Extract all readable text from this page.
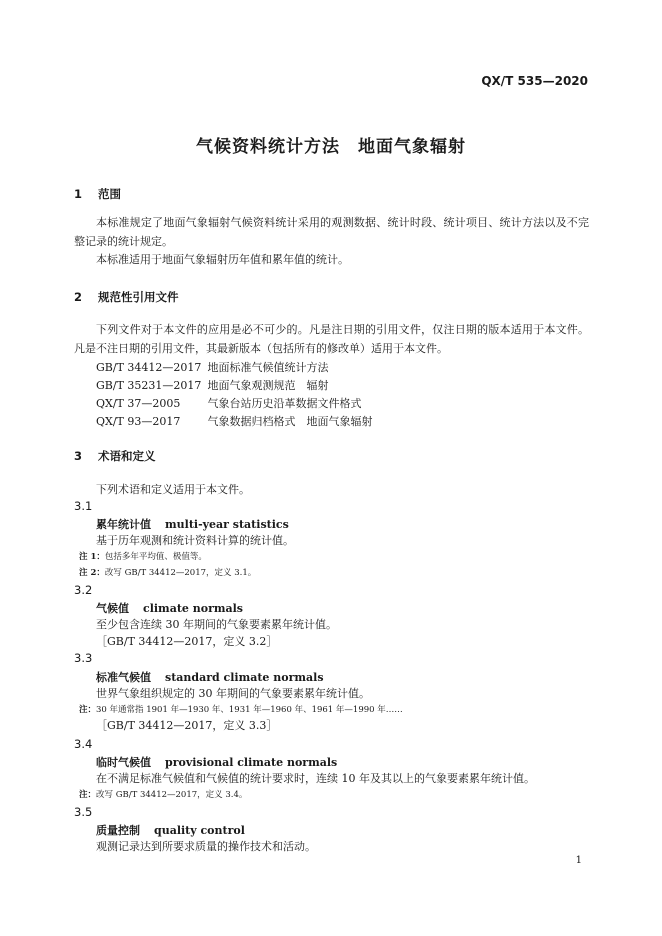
QX/T 535—2020
气候资料统计方法　地面气象辐射
1 范围
本标准规定了地面气象辐射气候资料统计采用的观测数据、统计时段、统计项目、统计方法以及不完整记录的统计规定。
本标准适用于地面气象辐射历年值和累年值的统计。
2 规范性引用文件
下列文件对于本文件的应用是必不可少的。凡是注日期的引用文件，仅注日期的版本适用于本文件。凡是不注日期的引用文件，其最新版本（包括所有的修改单）适用于本文件。
GB/T 34412—2017 地面标准气候值统计方法
GB/T 35231—2017 地面气象观测规范　辐射
QX/T 37—2005 气象台站历史沿革数据文件格式
QX/T 93—2017 气象数据归档格式　地面气象辐射
3 术语和定义
下列术语和定义适用于本文件。
3.1
累年统计值 multi-year statistics
基于历年观测和统计资料计算的统计值。
注 1：包括多年平均值、极值等。
注 2：改写 GB/T 34412—2017，定义 3.1。
3.2
气候值 climate normals
至少包含连续 30 年期间的气象要素累年统计值。
［GB/T 34412—2017，定义 3.2］
3.3
标准气候值 standard climate normals
世界气象组织规定的 30 年期间的气象要素累年统计值。
注：30 年通常指 1901 年—1930 年、1931 年—1960 年、1961 年—1990 年……
［GB/T 34412—2017，定义 3.3］
3.4
临时气候值 provisional climate normals
在不满足标准气候值和气候值的统计要求时，连续 10 年及其以上的气象要素累年统计值。
注：改写 GB/T 34412—2017，定义 3.4。
3.5
质量控制 quality control
观测记录达到所要求质量的操作技术和活动。
1
